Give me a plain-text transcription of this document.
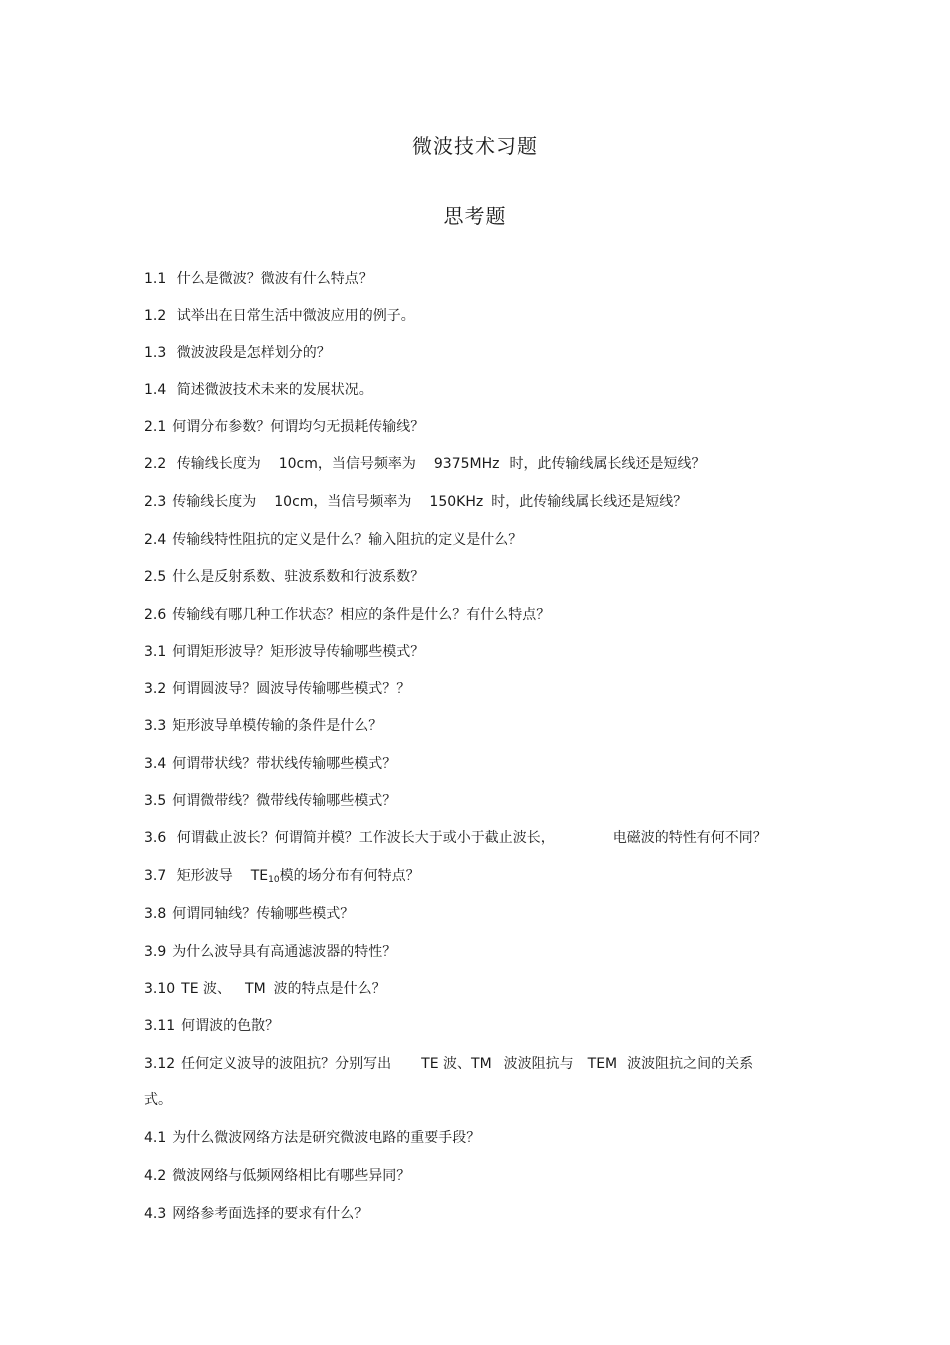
微波技术习题
思考题
1.1 什么是微波？微波有什么特点？
1.2 试举出在日常生活中微波应用的例子。
1.3 微波波段是怎样划分的？
1.4 简述微波技术未来的发展状况。
2.1 何谓分布参数？何谓均匀无损耗传输线？
2.2 传输线长度为 10cm，当信号频率为 9375MHz 时，此传输线属长线还是短线？
2.3 传输线长度为 10cm，当信号频率为 150KHz 时，此传输线属长线还是短线？
2.4 传输线特性阻抗的定义是什么？输入阻抗的定义是什么？
2.5 什么是反射系数、驻波系数和行波系数？
2.6 传输线有哪几种工作状态？相应的条件是什么？有什么特点？
3.1 何谓矩形波导？矩形波导传输哪些模式？
3.2 何谓圆波导？圆波导传输哪些模式？？
3.3 矩形波导单模传输的条件是什么？
3.4 何谓带状线？带状线传输哪些模式？
3.5 何谓微带线？微带线传输哪些模式？
3.6 何谓截止波长？何谓简并模？工作波长大于或小于截止波长，	电磁波的特性有何不同？
3.7 矩形波导 $TE_{10}$模的场分布有何特点？
3.8 何谓同轴线？传输哪些模式？
3.9 为什么波导具有高通滤波器的特性？
3.10 TE 波、 TM 波的特点是什么？
3.11 何谓波的色散？
3.12 任何定义波导的波阻抗？分别写出 TE 波、TM 波波阻抗与 TEM 波波阻抗之间的关系
式。
4.1 为什么微波网络方法是研究微波电路的重要手段？
4.2 微波网络与低频网络相比有哪些异同？
4.3 网络参考面选择的要求有什么？
